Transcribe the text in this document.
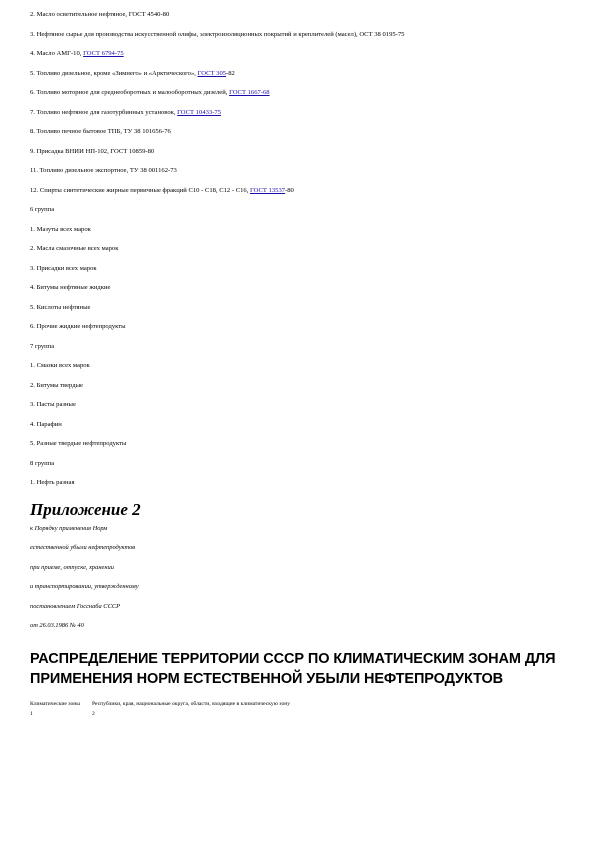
2. Масло осветительное нефтяное, ГОСТ 4540-80
3. Нефтяное сырье для производства искусственной олифы, электроизоляционных покрытий и креплителей (масел), ОСТ 38 0195-75
4. Масло АМГ-10, ГОСТ 6794-75
5. Топливо дизельное, кроме «Зимнего» и «Арктического», ГОСТ 305-82
6. Топливо моторное для среднеоборотных и малооборотных дизелей, ГОСТ 1667-68
7. Топливо нефтяное для газотурбинных установок, ГОСТ 10433-75
8. Топливо печное бытовое ТПБ, ТУ 38 101656-76
9. Присадка ВНИИ НП-102, ГОСТ 10859-80
11. Топливо дизельное экспортное, ТУ 38 001162-73
12. Спирты синтетические жирные первичные фракций С10 - С18, С12 - С16, ГОСТ 13537-80
6 группа
1. Мазуты всех марок
2. Масла смазочные всех марок
3. Присадки всех марок
4. Битумы нефтяные жидкие
5. Кислоты нефтяные
6. Прочие жидкие нефтепродукты
7 группа
1. Смазки всех марок
2. Битумы твердые
3. Пасты разные
4. Парафин
5. Разные твердые нефтепродукты
8 группа
1. Нефть разная
Приложение 2
к Порядку применения Норм
естественной убыли нефтепродуктов
при приеме, отпуске, хранении
и транспортировании, утвержденному
постановлением Госснаба СССР
от 26.03.1986 № 40
РАСПРЕДЕЛЕНИЕ ТЕРРИТОРИИ СССР ПО КЛИМАТИЧЕСКИМ ЗОНАМ ДЛЯ ПРИМЕНЕНИЯ НОРМ ЕСТЕСТВЕННОЙ УБЫЛИ НЕФТЕПРОДУКТОВ
Климатические зоны	Республики, края, национальные округа, области, входящие в климатическую зону
1	2
